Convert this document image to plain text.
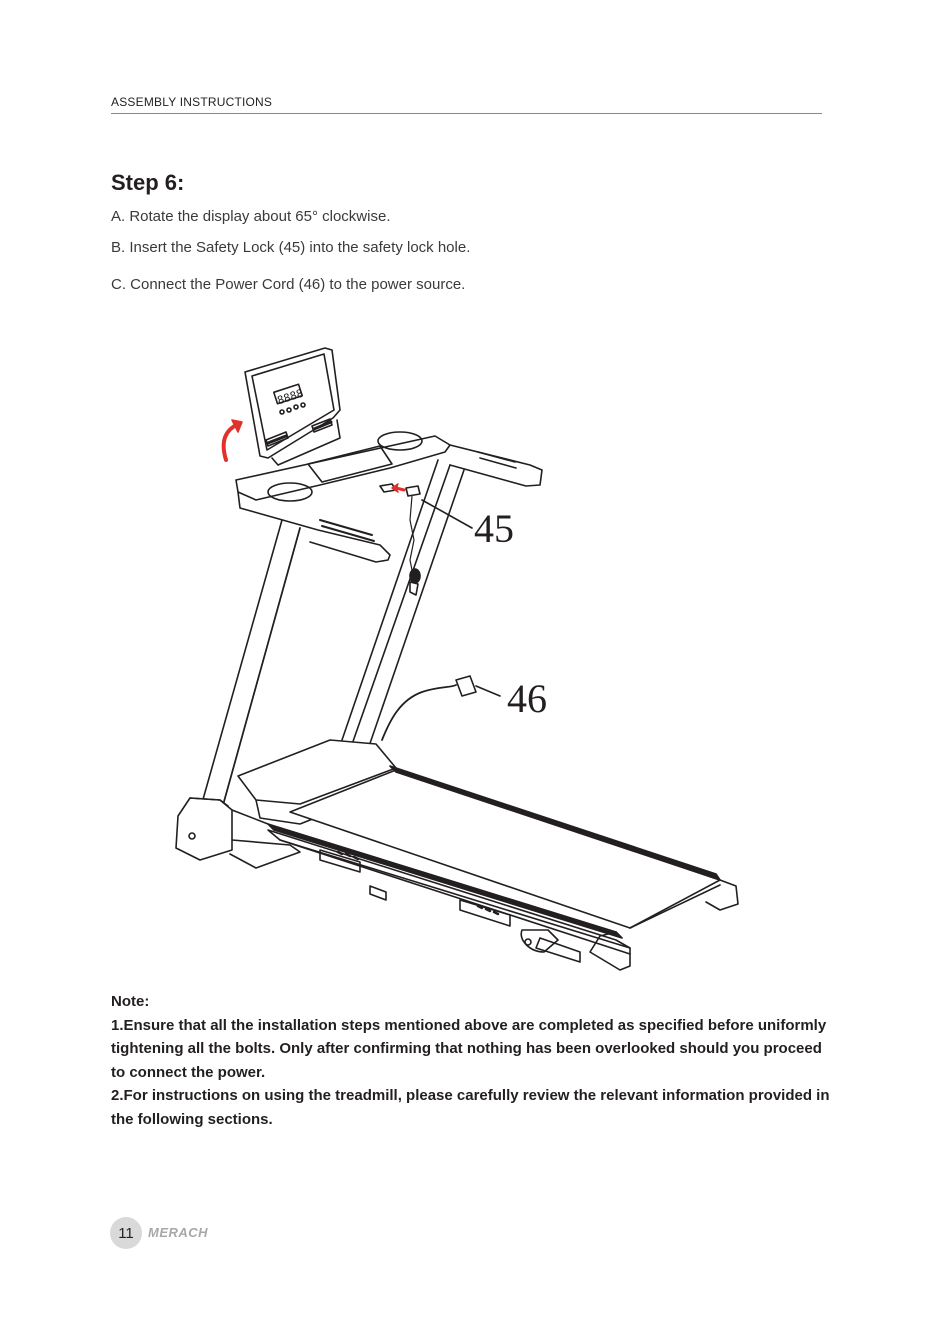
ASSEMBLY INSTRUCTIONS
Step 6:

A. Rotate the display about 65° clockwise.

B. Insert the Safety Lock (45) into the safety lock hole.

C. Connect the Power Cord (46) to the power source.

8888
45
46

Note:

1.Ensure that all the installation steps mentioned above are completed as specified before uniformly tightening all the bolts. Only after confirming that nothing has been overlooked should you proceed to connect the power.

2.For instructions on using the treadmill, please carefully review the relevant information provided in the following sections.

11	MERACH
